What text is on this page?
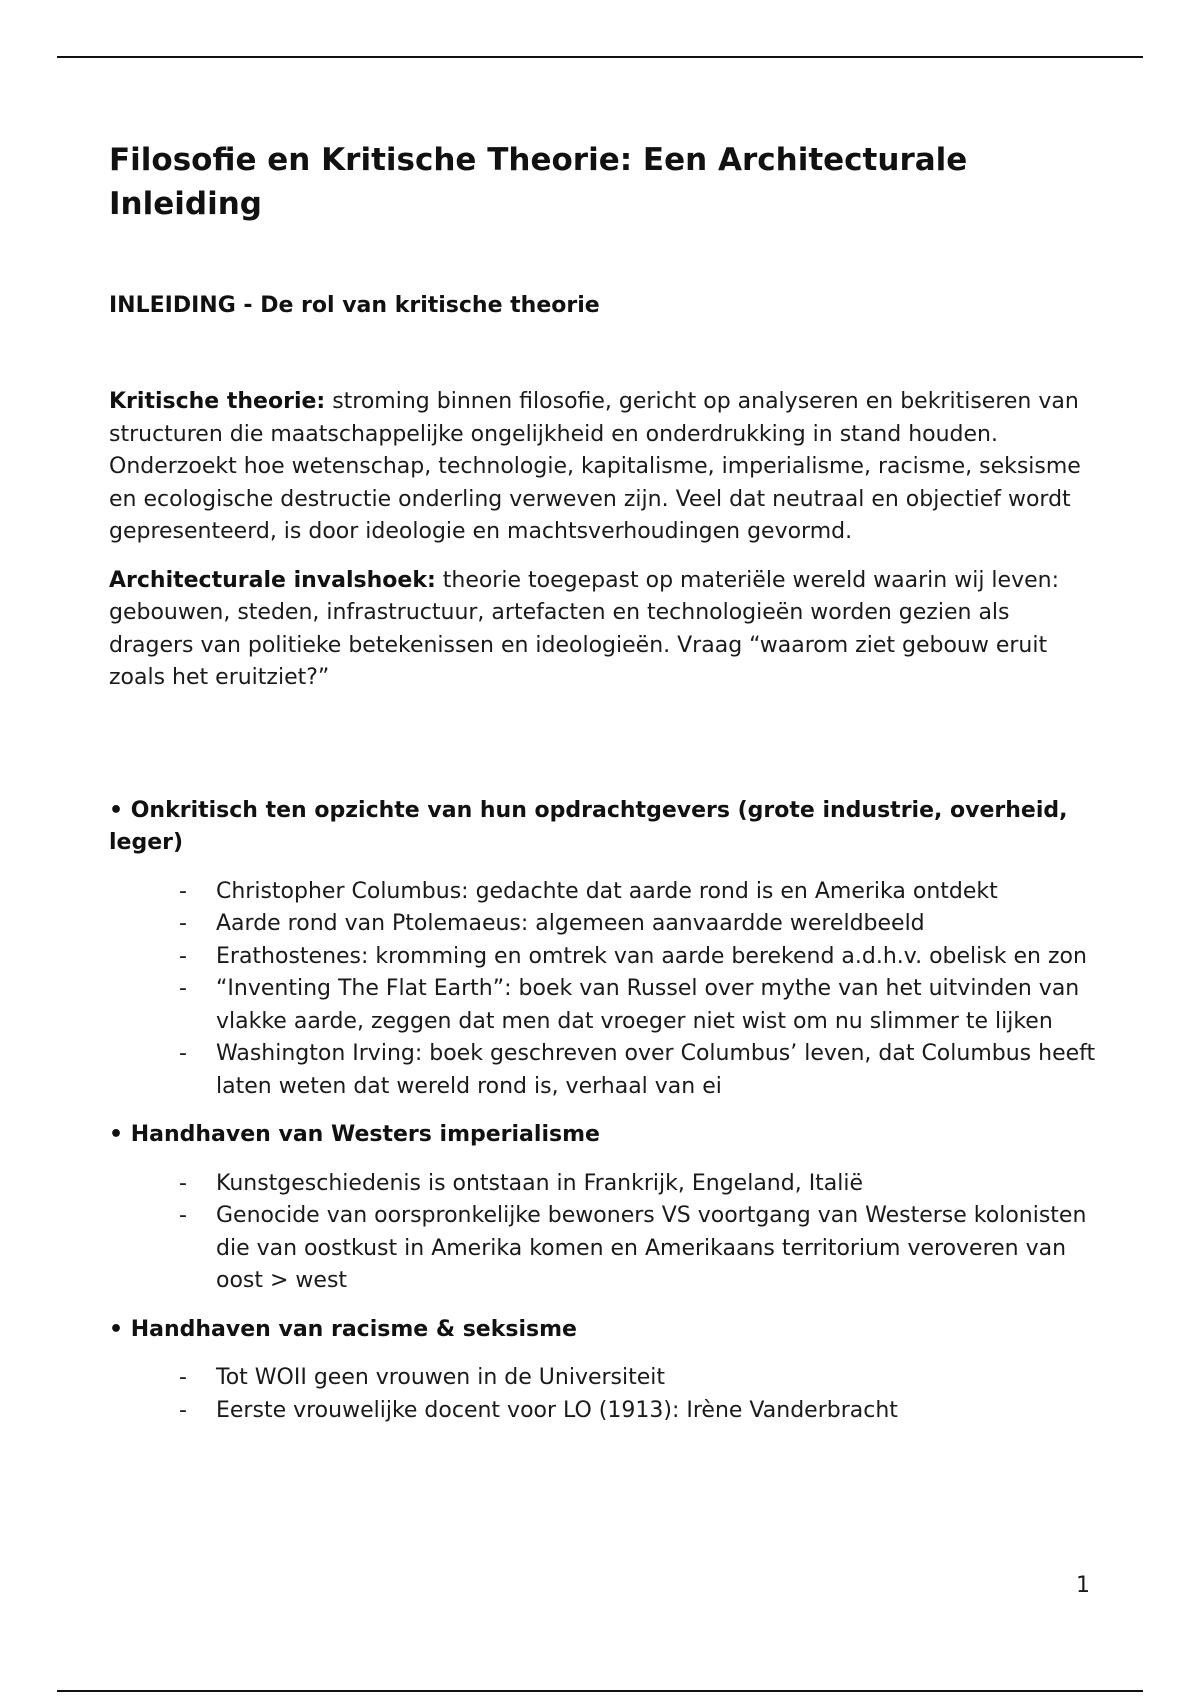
Filosofie en Kritische Theorie: Een Architecturale Inleiding
INLEIDING - De rol van kritische theorie

Kritische theorie: stroming binnen filosofie, gericht op analyseren en bekritiseren van structuren die maatschappelijke ongelijkheid en onderdrukking in stand houden. Onderzoekt hoe wetenschap, technologie, kapitalisme, imperialisme, racisme, seksisme en ecologische destructie onderling verweven zijn. Veel dat neutraal en objectief wordt gepresenteerd, is door ideologie en machtsverhoudingen gevormd.

Architecturale invalshoek: theorie toegepast op materiële wereld waarin wij leven: gebouwen, steden, infrastructuur, artefacten en technologieën worden gezien als dragers van politieke betekenissen en ideologieën. Vraag “waarom ziet gebouw eruit zoals het eruitziet?”

• Onkritisch ten opzichte van hun opdrachtgevers (grote industrie, overheid, leger)

- Christopher Columbus: gedachte dat aarde rond is en Amerika ontdekt
- Aarde rond van Ptolemaeus: algemeen aanvaardde wereldbeeld
- Erathostenes: kromming en omtrek van aarde berekend a.d.h.v. obelisk en zon
- “Inventing The Flat Earth”: boek van Russel over mythe van het uitvinden van vlakke aarde, zeggen dat men dat vroeger niet wist om nu slimmer te lijken
- Washington Irving: boek geschreven over Columbus’ leven, dat Columbus heeft laten weten dat wereld rond is, verhaal van ei

• Handhaven van Westers imperialisme

- Kunstgeschiedenis is ontstaan in Frankrijk, Engeland, Italië
- Genocide van oorspronkelijke bewoners VS voortgang van Westerse kolonisten die van oostkust in Amerika komen en Amerikaans territorium veroveren van oost > west

• Handhaven van racisme & seksisme

- Tot WOII geen vrouwen in de Universiteit
- Eerste vrouwelijke docent voor LO (1913): Irène Vanderbracht
1
